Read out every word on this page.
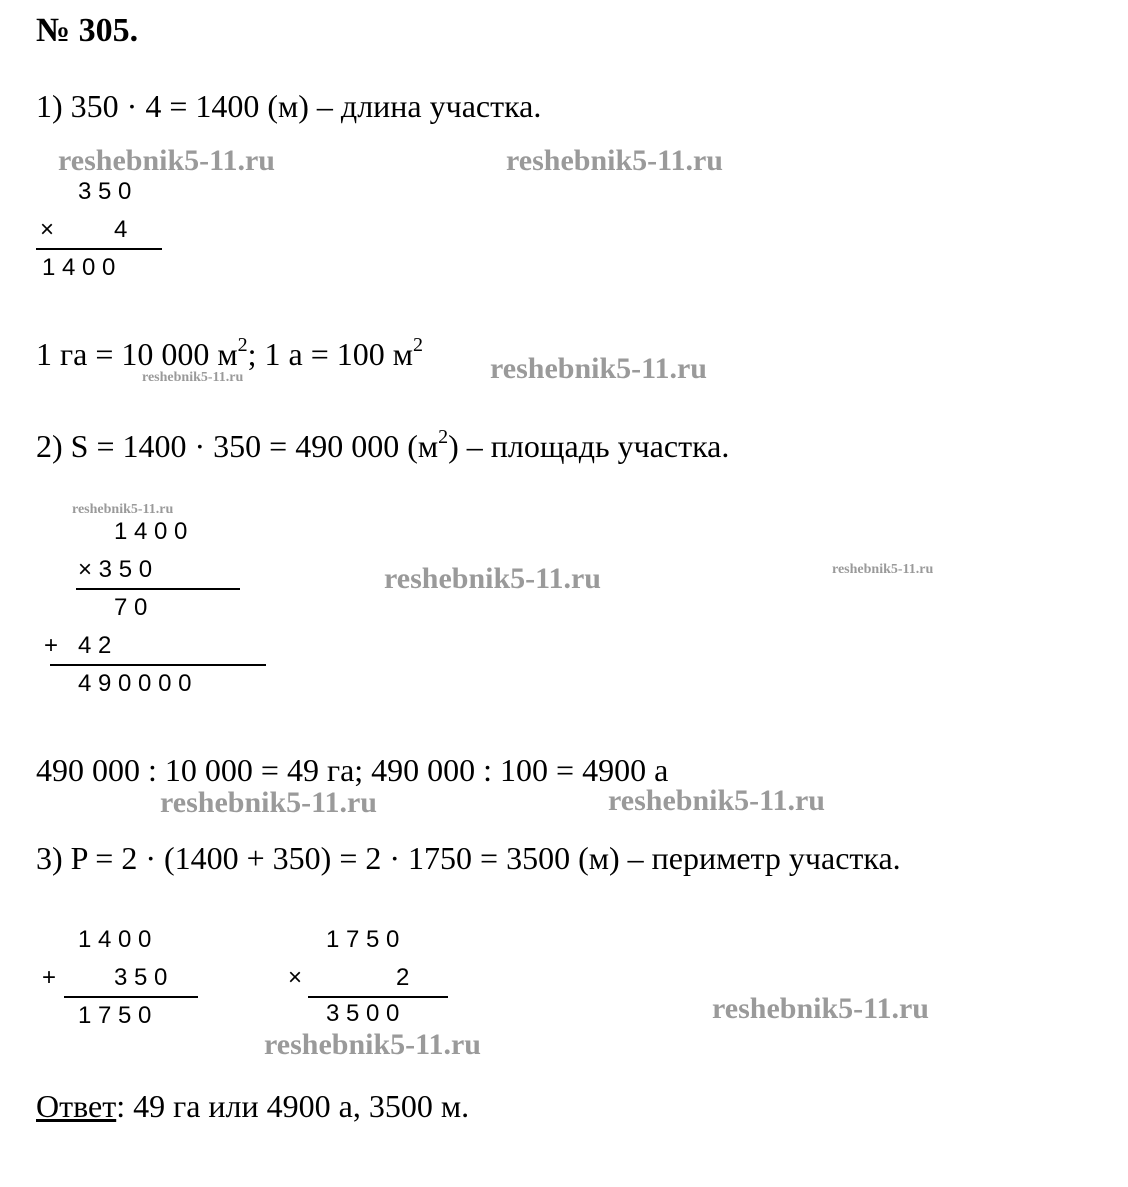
№ 305.
1) 350 · 4 = 1400 (м) – длина участка.
reshebnik5-11.ru	reshebnik5-11.ru
3 5 0
× 4
1 4 0 0
1 га = 10 000 $м^2$; 1 а = 100 $м^2$
reshebnik5-11.ru	reshebnik5-11.ru
2) S = 1400 · 350 = 490 000 $(м^2)$ – площадь участка.
reshebnik5-11.ru
1 4 0 0
× 3 5 0
7 0
+ 4 2
4 9 0 0 0 0
reshebnik5-11.ru	reshebnik5-11.ru
490 000 : 10 000 = 49 га; 490 000 : 100 = 4900 а
reshebnik5-11.ru	reshebnik5-11.ru
3) P = 2 · (1400 + 350) = 2 · 1750 = 3500 (м) – периметр участка.
1 4 0 0
+ 3 5 0
1 7 5 0
1 7 5 0
×	2
3 5 0 0	reshebnik5-11.ru
reshebnik5-11.ru
Ответ: 49 га или 4900 а, 3500 м.
